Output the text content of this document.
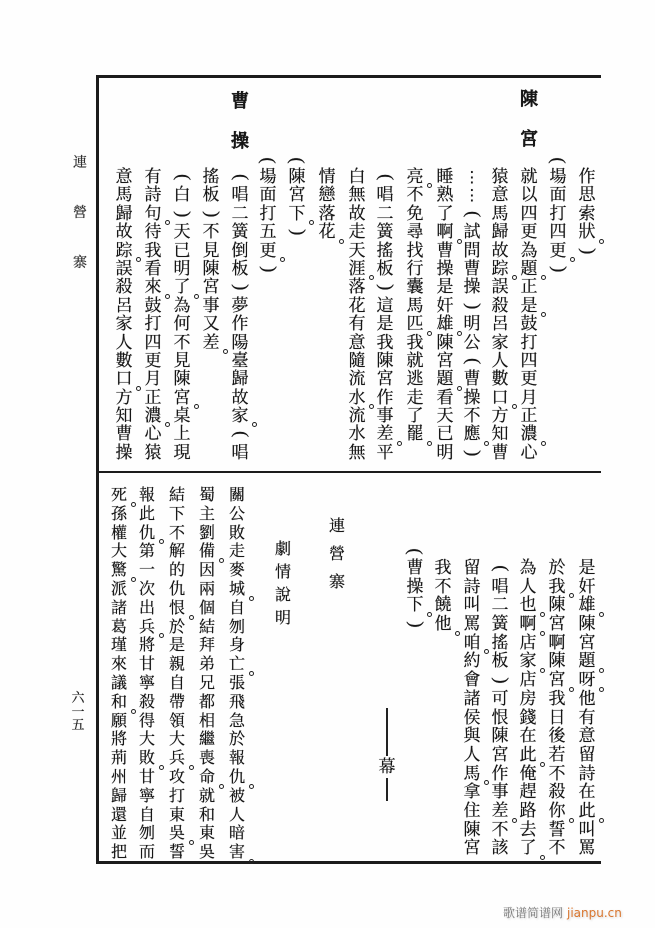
連
營
寨
六
一
五
陳
宮
曹
操
作
思
索
狀
)
(
場
面
打
四
更
)
就
以
四
更
為
題
正
是
鼓
打
四
更
月
正
濃
心
猿
意
馬
歸
故
踪
誤
殺
呂
家
人
數
口
方
知
曹
⋮
⋮
(
試
問
曹
操
)
明
公
(
曹
操
不
應
)
睡
熟
了
啊
曹
操
是
奸
雄
陳
宮
題
看
天
已
明
亮
不
免
尋
找
行
囊
馬
匹
我
就
逃
走
了
罷
(
唱
二
簧
搖
板
)
這
是
我
陳
宮
作
事
差
平
白
無
故
走
天
涯
落
花
有
意
隨
流
水
流
水
無
情
戀
落
花
(
陳
宮
下
)
(
場
面
打
五
更
)
(
唱
二
簧
倒
板
)
夢
作
陽
臺
歸
故
家
(
唱
搖
板
)
不
見
陳
宮
事
又
差
(
白
)
天
已
明
了
為
何
不
見
陳
宮
桌
上
現
有
詩
句
待
我
看
來
鼓
打
四
更
月
正
濃
心
猿
意
馬
歸
故
踪
誤
殺
呂
家
人
數
口
方
知
曹
操
是
奸
雄
陳
宮
題
呀
他
有
意
留
詩
在
此
叫
罵
於
我
陳
宮
啊
陳
宮
我
日
後
若
不
殺
你
誓
不
為
人
也
啊
店
家
店
房
錢
在
此
俺
趕
路
去
了
(
唱
二
簧
搖
板
)
可
恨
陳
宮
作
事
差
不
該
留
詩
叫
罵
咱
約
會
諸
侯
與
人
馬
拿
住
陳
宮
我
不
饒
他
(
曹
操
下
)
幕
連
營
寨
劇
情
說
明
關
公
敗
走
麥
城
自
刎
身
亡
張
飛
急
於
報
仇
被
人
暗
害
蜀
主
劉
備
因
兩
個
結
拜
弟
兄
都
相
繼
喪
命
就
和
東
吳
結
下
不
解
的
仇
恨
於
是
親
自
帶
領
大
兵
攻
打
東
吳
誓
報
此
仇
第
一
次
出
兵
將
甘
寧
殺
得
大
敗
甘
寧
自
刎
而
死
孫
權
大
驚
派
諸
葛
瑾
來
議
和
願
將
荊
州
歸
還
並
把
歌谱简谱网 jianpu.cn
